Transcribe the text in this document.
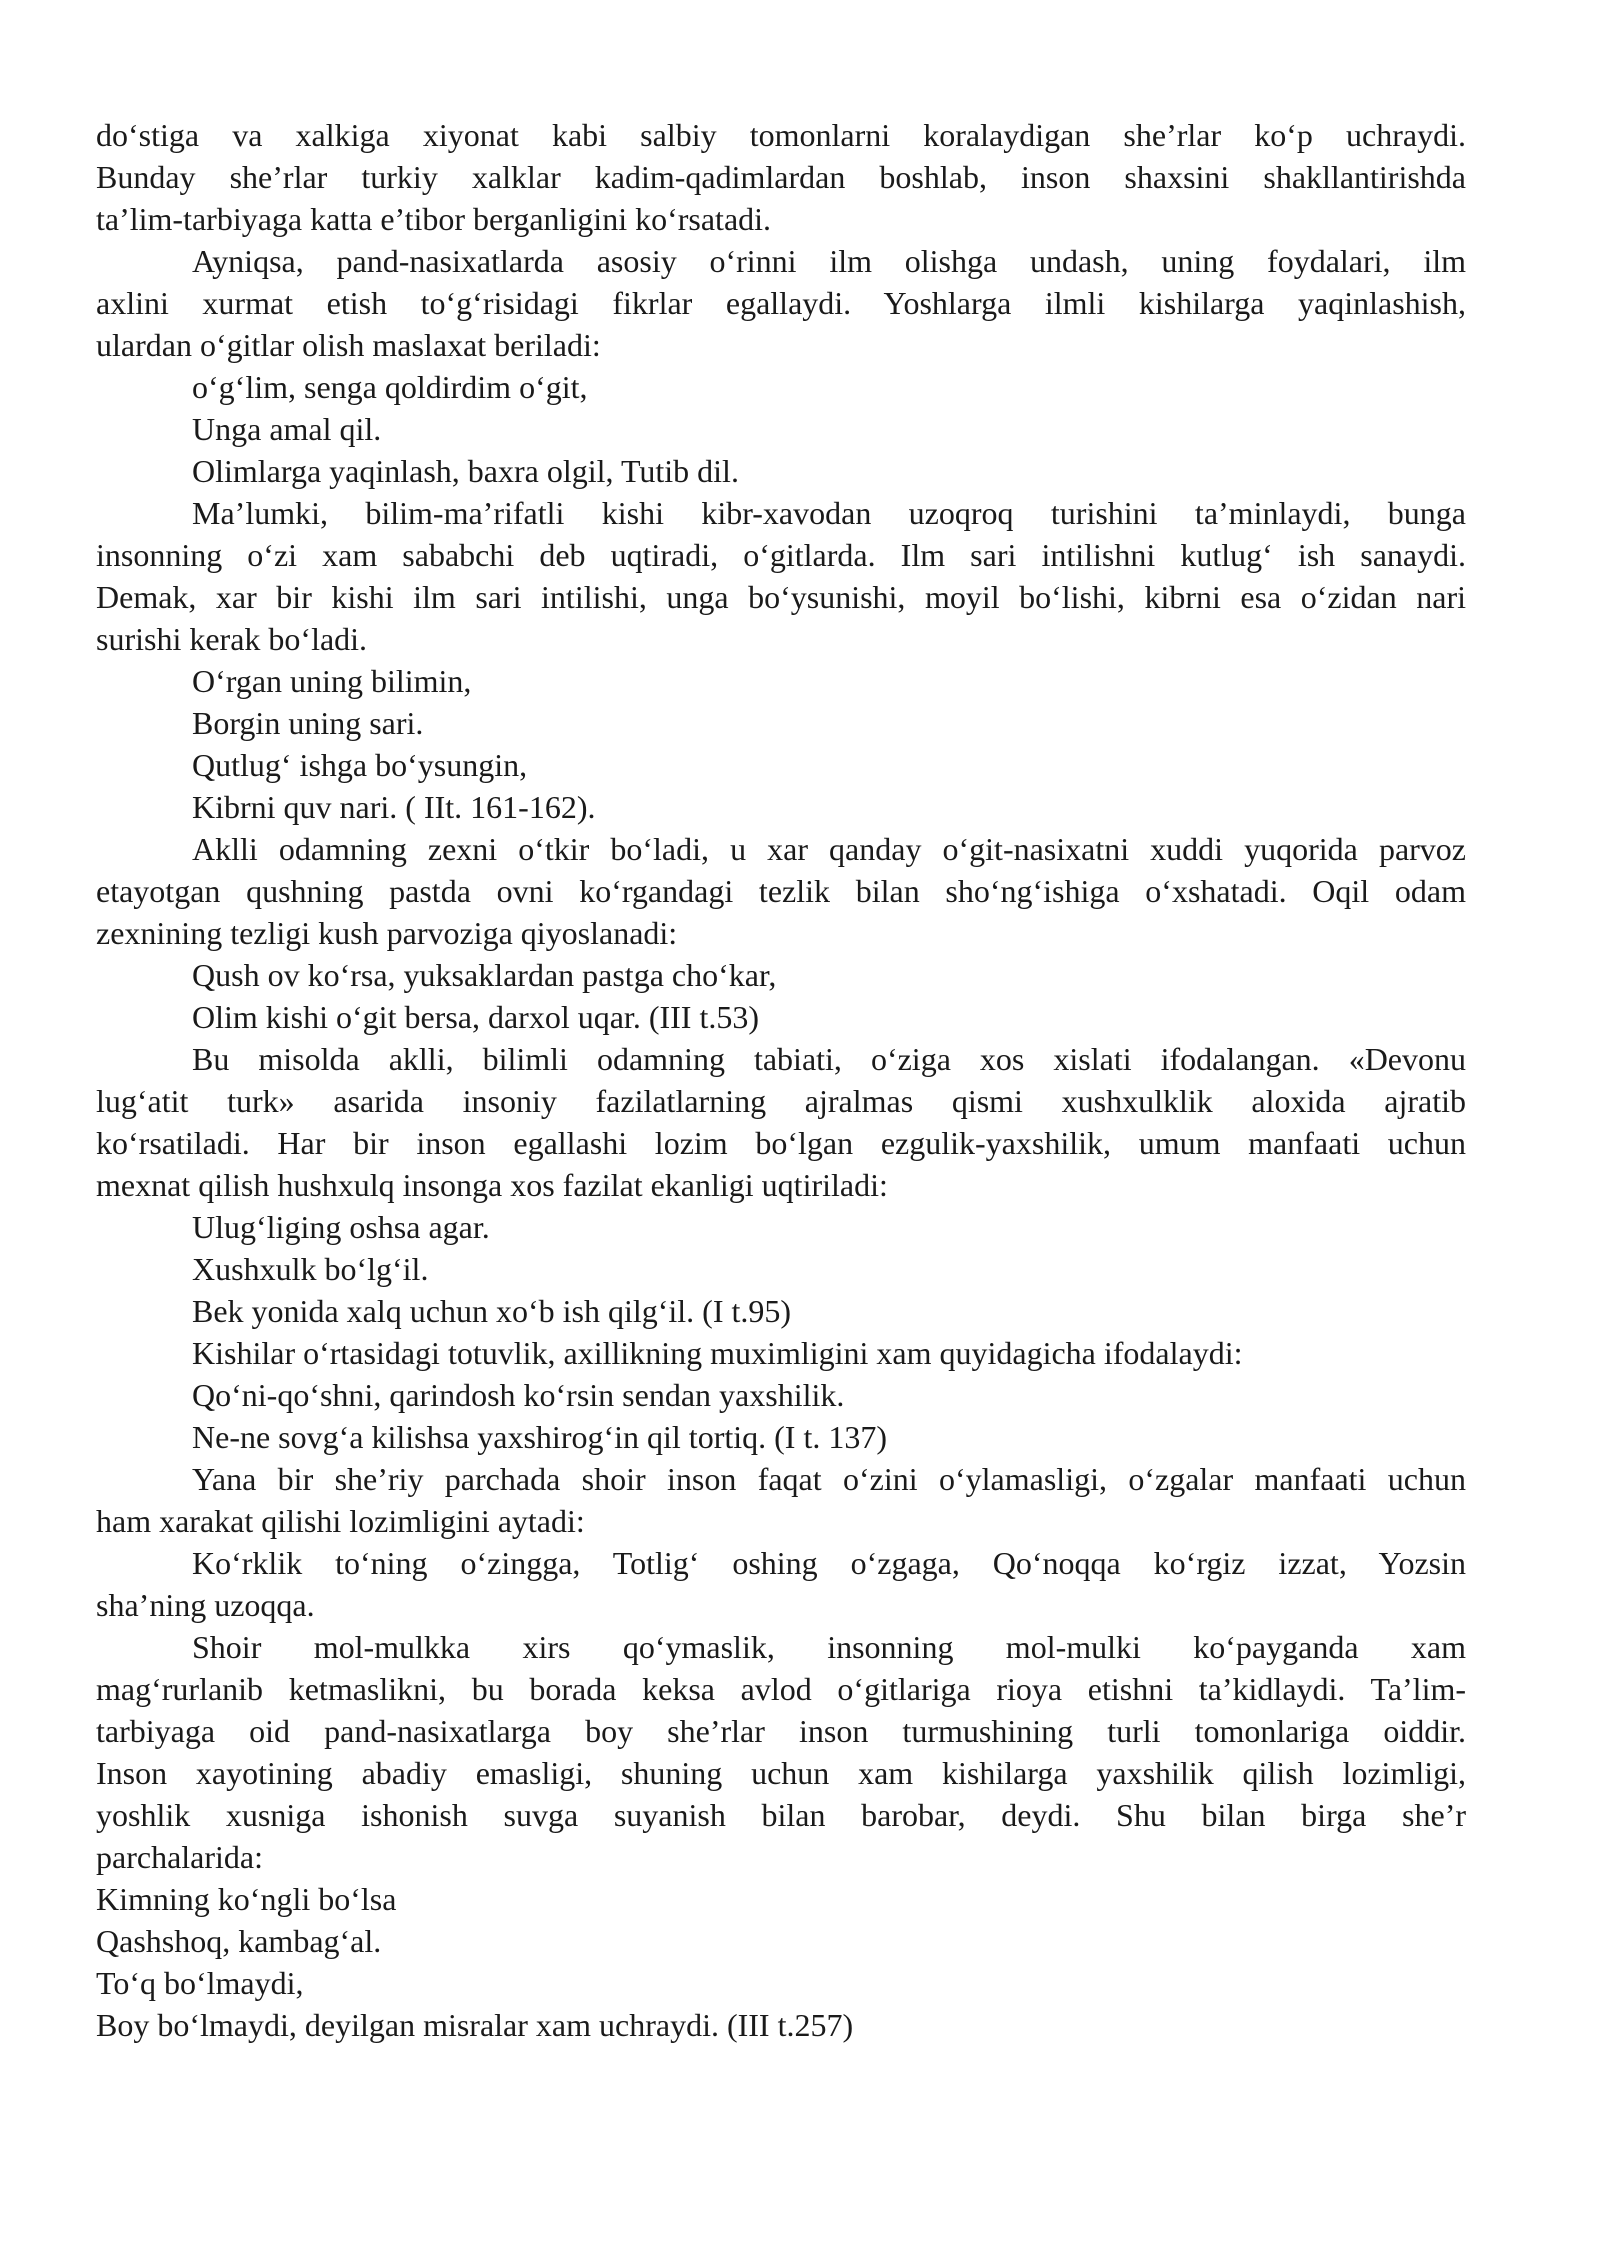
do‘stiga va xalkiga xiyonat kabi salbiy tomonlarni koralaydigan she’rlar ko‘p uchraydi.

Bunday she’rlar turkiy xalklar kadim-qadimlardan boshlab, inson shaxsini shakllantirishda

ta’lim-tarbiyaga katta e’tibor berganligini ko‘rsatadi.

Ayniqsa, pand-nasixatlarda asosiy o‘rinni ilm olishga undash, uning foydalari, ilm

axlini xurmat etish to‘g‘risidagi fikrlar egallaydi. Yoshlarga ilmli kishilarga yaqinlashish,

ulardan o‘gitlar olish maslaxat beriladi:

o‘g‘lim, senga qoldirdim o‘git,

Unga amal qil.

Olimlarga yaqinlash, baxra olgil, Tutib dil.

Ma’lumki, bilim-ma’rifatli kishi kibr-xavodan uzoqroq turishini ta’minlaydi, bunga

insonning o‘zi xam sababchi deb uqtiradi, o‘gitlarda. Ilm sari intilishni kutlug‘ ish sanaydi.

Demak, xar bir kishi ilm sari intilishi, unga bo‘ysunishi, moyil bo‘lishi, kibrni esa o‘zidan nari

surishi kerak bo‘ladi.

O‘rgan uning bilimin,

Borgin uning sari.

Qutlug‘ ishga bo‘ysungin,

Kibrni quv nari. ( IIt. 161-162).

Aklli odamning zexni o‘tkir bo‘ladi, u xar qanday o‘git-nasixatni xuddi yuqorida parvoz

etayotgan qushning pastda ovni ko‘rgandagi tezlik bilan sho‘ng‘ishiga o‘xshatadi. Oqil odam

zexnining tezligi kush parvoziga qiyoslanadi:

Qush ov ko‘rsa, yuksaklardan pastga cho‘kar,

Olim kishi o‘git bersa, darxol uqar. (III t.53)

Bu misolda aklli, bilimli odamning tabiati, o‘ziga xos xislati ifodalangan. «Devonu

lug‘atit turk» asarida insoniy fazilatlarning ajralmas qismi xushxulklik aloxida ajratib

ko‘rsatiladi. Har bir inson egallashi lozim bo‘lgan ezgulik-yaxshilik, umum manfaati uchun

mexnat qilish hushxulq insonga xos fazilat ekanligi uqtiriladi:

Ulug‘liging oshsa agar.

Xushxulk bo‘lg‘il.

Bek yonida xalq uchun xo‘b ish qilg‘il. (I t.95)

Kishilar o‘rtasidagi totuvlik, axillikning muximligini xam quyidagicha ifodalaydi:

Qo‘ni-qo‘shni, qarindosh ko‘rsin sendan yaxshilik.

Ne-ne sovg‘a kilishsa yaxshirog‘in qil tortiq. (I t. 137)

Yana bir she’riy parchada shoir inson faqat o‘zini o‘ylamasligi, o‘zgalar manfaati uchun

ham xarakat qilishi lozimligini aytadi:

Ko‘rklik to‘ning o‘zingga, Totlig‘ oshing o‘zgaga, Qo‘noqqa ko‘rgiz izzat, Yozsin

sha’ning uzoqqa.

Shoir mol-mulkka xirs qo‘ymaslik, insonning mol-mulki ko‘payganda xam

mag‘rurlanib ketmaslikni, bu borada keksa avlod o‘gitlariga rioya etishni ta’kidlaydi. Ta’lim-

tarbiyaga oid pand-nasixatlarga boy she’rlar inson turmushining turli tomonlariga oiddir.

Inson xayotining abadiy emasligi, shuning uchun xam kishilarga yaxshilik qilish lozimligi,

yoshlik xusniga ishonish suvga suyanish bilan barobar, deydi. Shu bilan birga she’r

parchalarida:

Kimning ko‘ngli bo‘lsa

Qashshoq, kambag‘al.

To‘q bo‘lmaydi,

Boy bo‘lmaydi, deyilgan misralar xam uchraydi. (III t.257)
